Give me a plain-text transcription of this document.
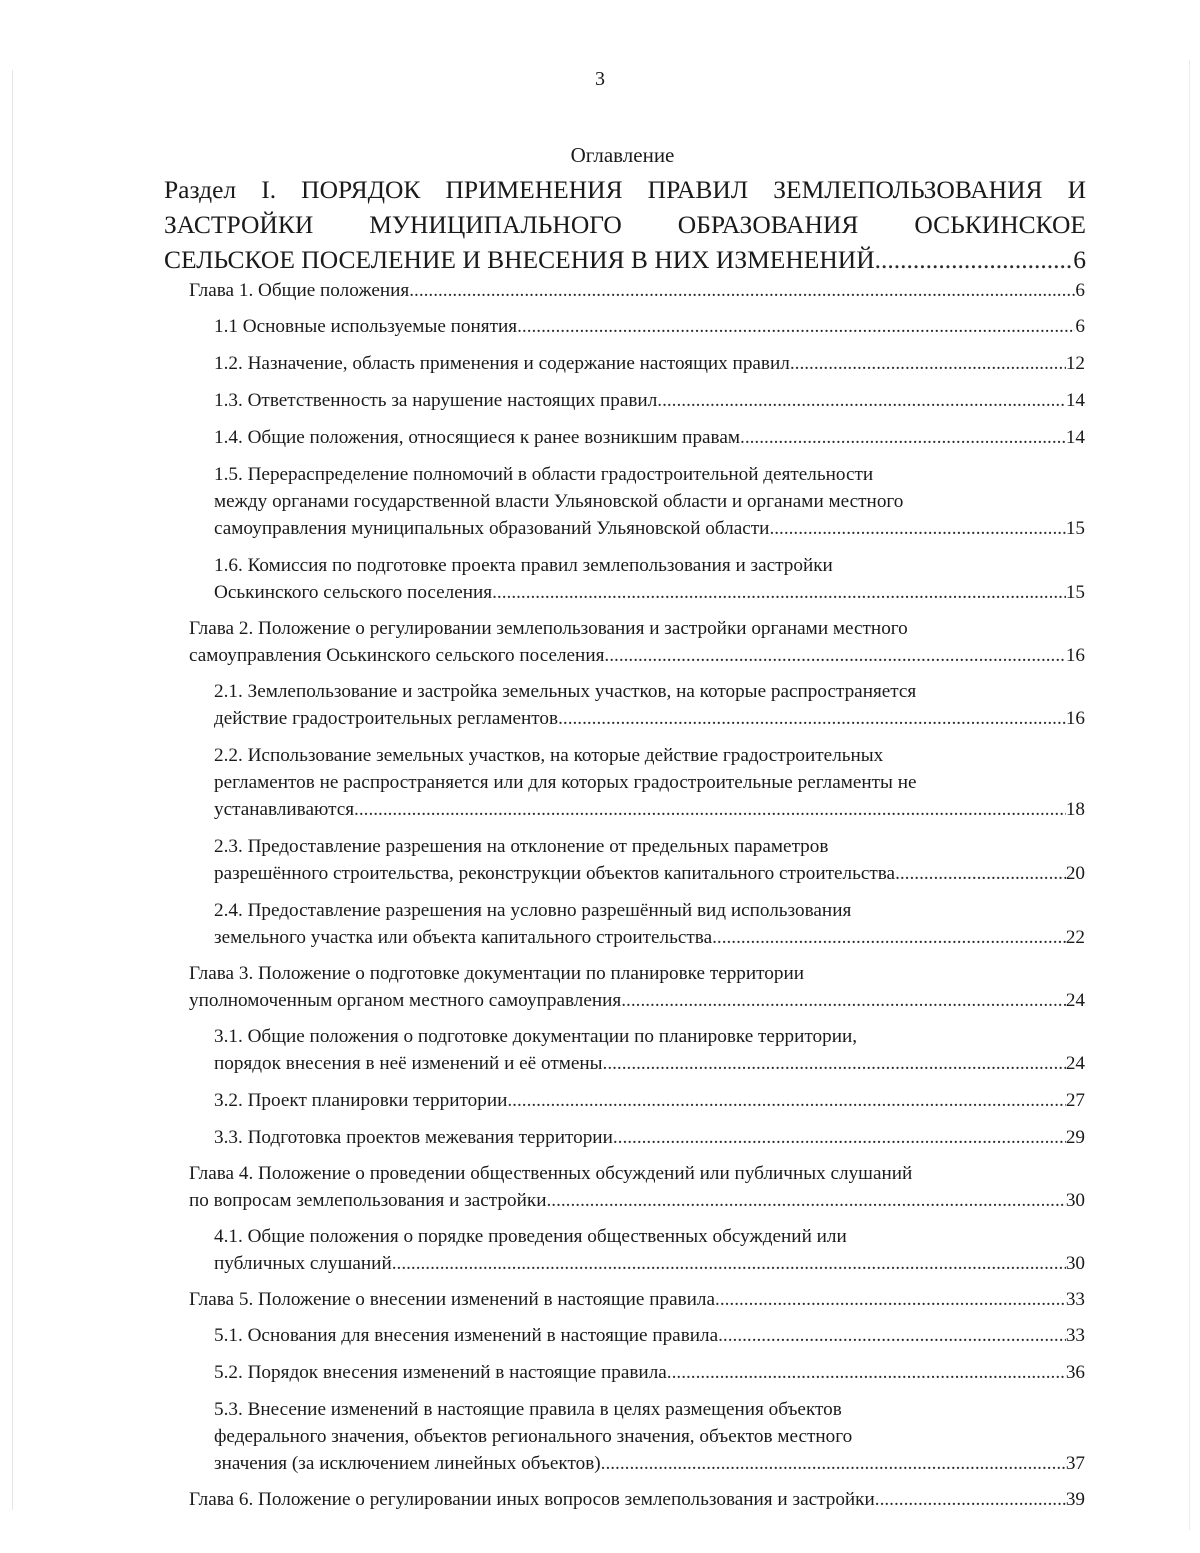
3
Оглавление
Раздел I. ПОРЯДОК ПРИМЕНЕНИЯ ПРАВИЛ ЗЕМЛЕПОЛЬЗОВАНИЯ И
ЗАСТРОЙКИ МУНИЦИПАЛЬНОГО ОБРАЗОВАНИЯ ОСЬКИНСКОЕ
СЕЛЬСКОЕ ПОСЕЛЕНИЕ И ВНЕСЕНИЯ В НИХ ИЗМЕНЕНИЙ .....	6
Глава 1. Общие положения .....	6
1.1 Основные используемые понятия .....	6
1.2. Назначение, область применения и содержание настоящих правил .....	12
1.3. Ответственность за нарушение настоящих правил .....	14
1.4. Общие положения, относящиеся к ранее возникшим правам .....	14
1.5. Перераспределение полномочий в области градостроительной деятельности
между органами государственной власти Ульяновской области и органами местного
самоуправления муниципальных образований Ульяновской области .....	15
1.6. Комиссия по подготовке проекта правил землепользования и застройки
Оськинского сельского поселения .....	15
Глава 2. Положение о регулировании землепользования и застройки органами местного
самоуправления Оськинского сельского поселения .....	16
2.1. Землепользование и застройка земельных участков, на которые распространяется
действие градостроительных регламентов .....	16
2.2. Использование земельных участков, на которые действие градостроительных
регламентов не распространяется или для которых градостроительные регламенты не
устанавливаются .....	18
2.3. Предоставление разрешения на отклонение от предельных параметров
разрешённого строительства, реконструкции объектов капитального строительства .....	20
2.4. Предоставление разрешения на условно разрешённый вид использования
земельного участка или объекта капитального строительства .....	22
Глава 3. Положение о подготовке документации по планировке территории
уполномоченным органом местного самоуправления .....	24
3.1. Общие положения о подготовке документации по планировке территории,
порядок внесения в неё изменений и её отмены .....	24
3.2. Проект планировки территории .....	27
3.3. Подготовка проектов межевания территории .....	29
Глава 4. Положение о проведении общественных обсуждений или публичных слушаний
по вопросам землепользования и застройки .....	30
4.1. Общие положения о порядке проведения общественных обсуждений или
публичных слушаний .....	30
Глава 5. Положение о внесении изменений в настоящие правила .....	33
5.1. Основания для внесения изменений в настоящие правила .....	33
5.2. Порядок внесения изменений в настоящие правила .....	36
5.3. Внесение изменений в настоящие правила в целях размещения объектов
федерального значения, объектов регионального значения, объектов местного
значения (за исключением линейных объектов) .....	37
Глава 6. Положение о регулировании иных вопросов землепользования и застройки .....	39
